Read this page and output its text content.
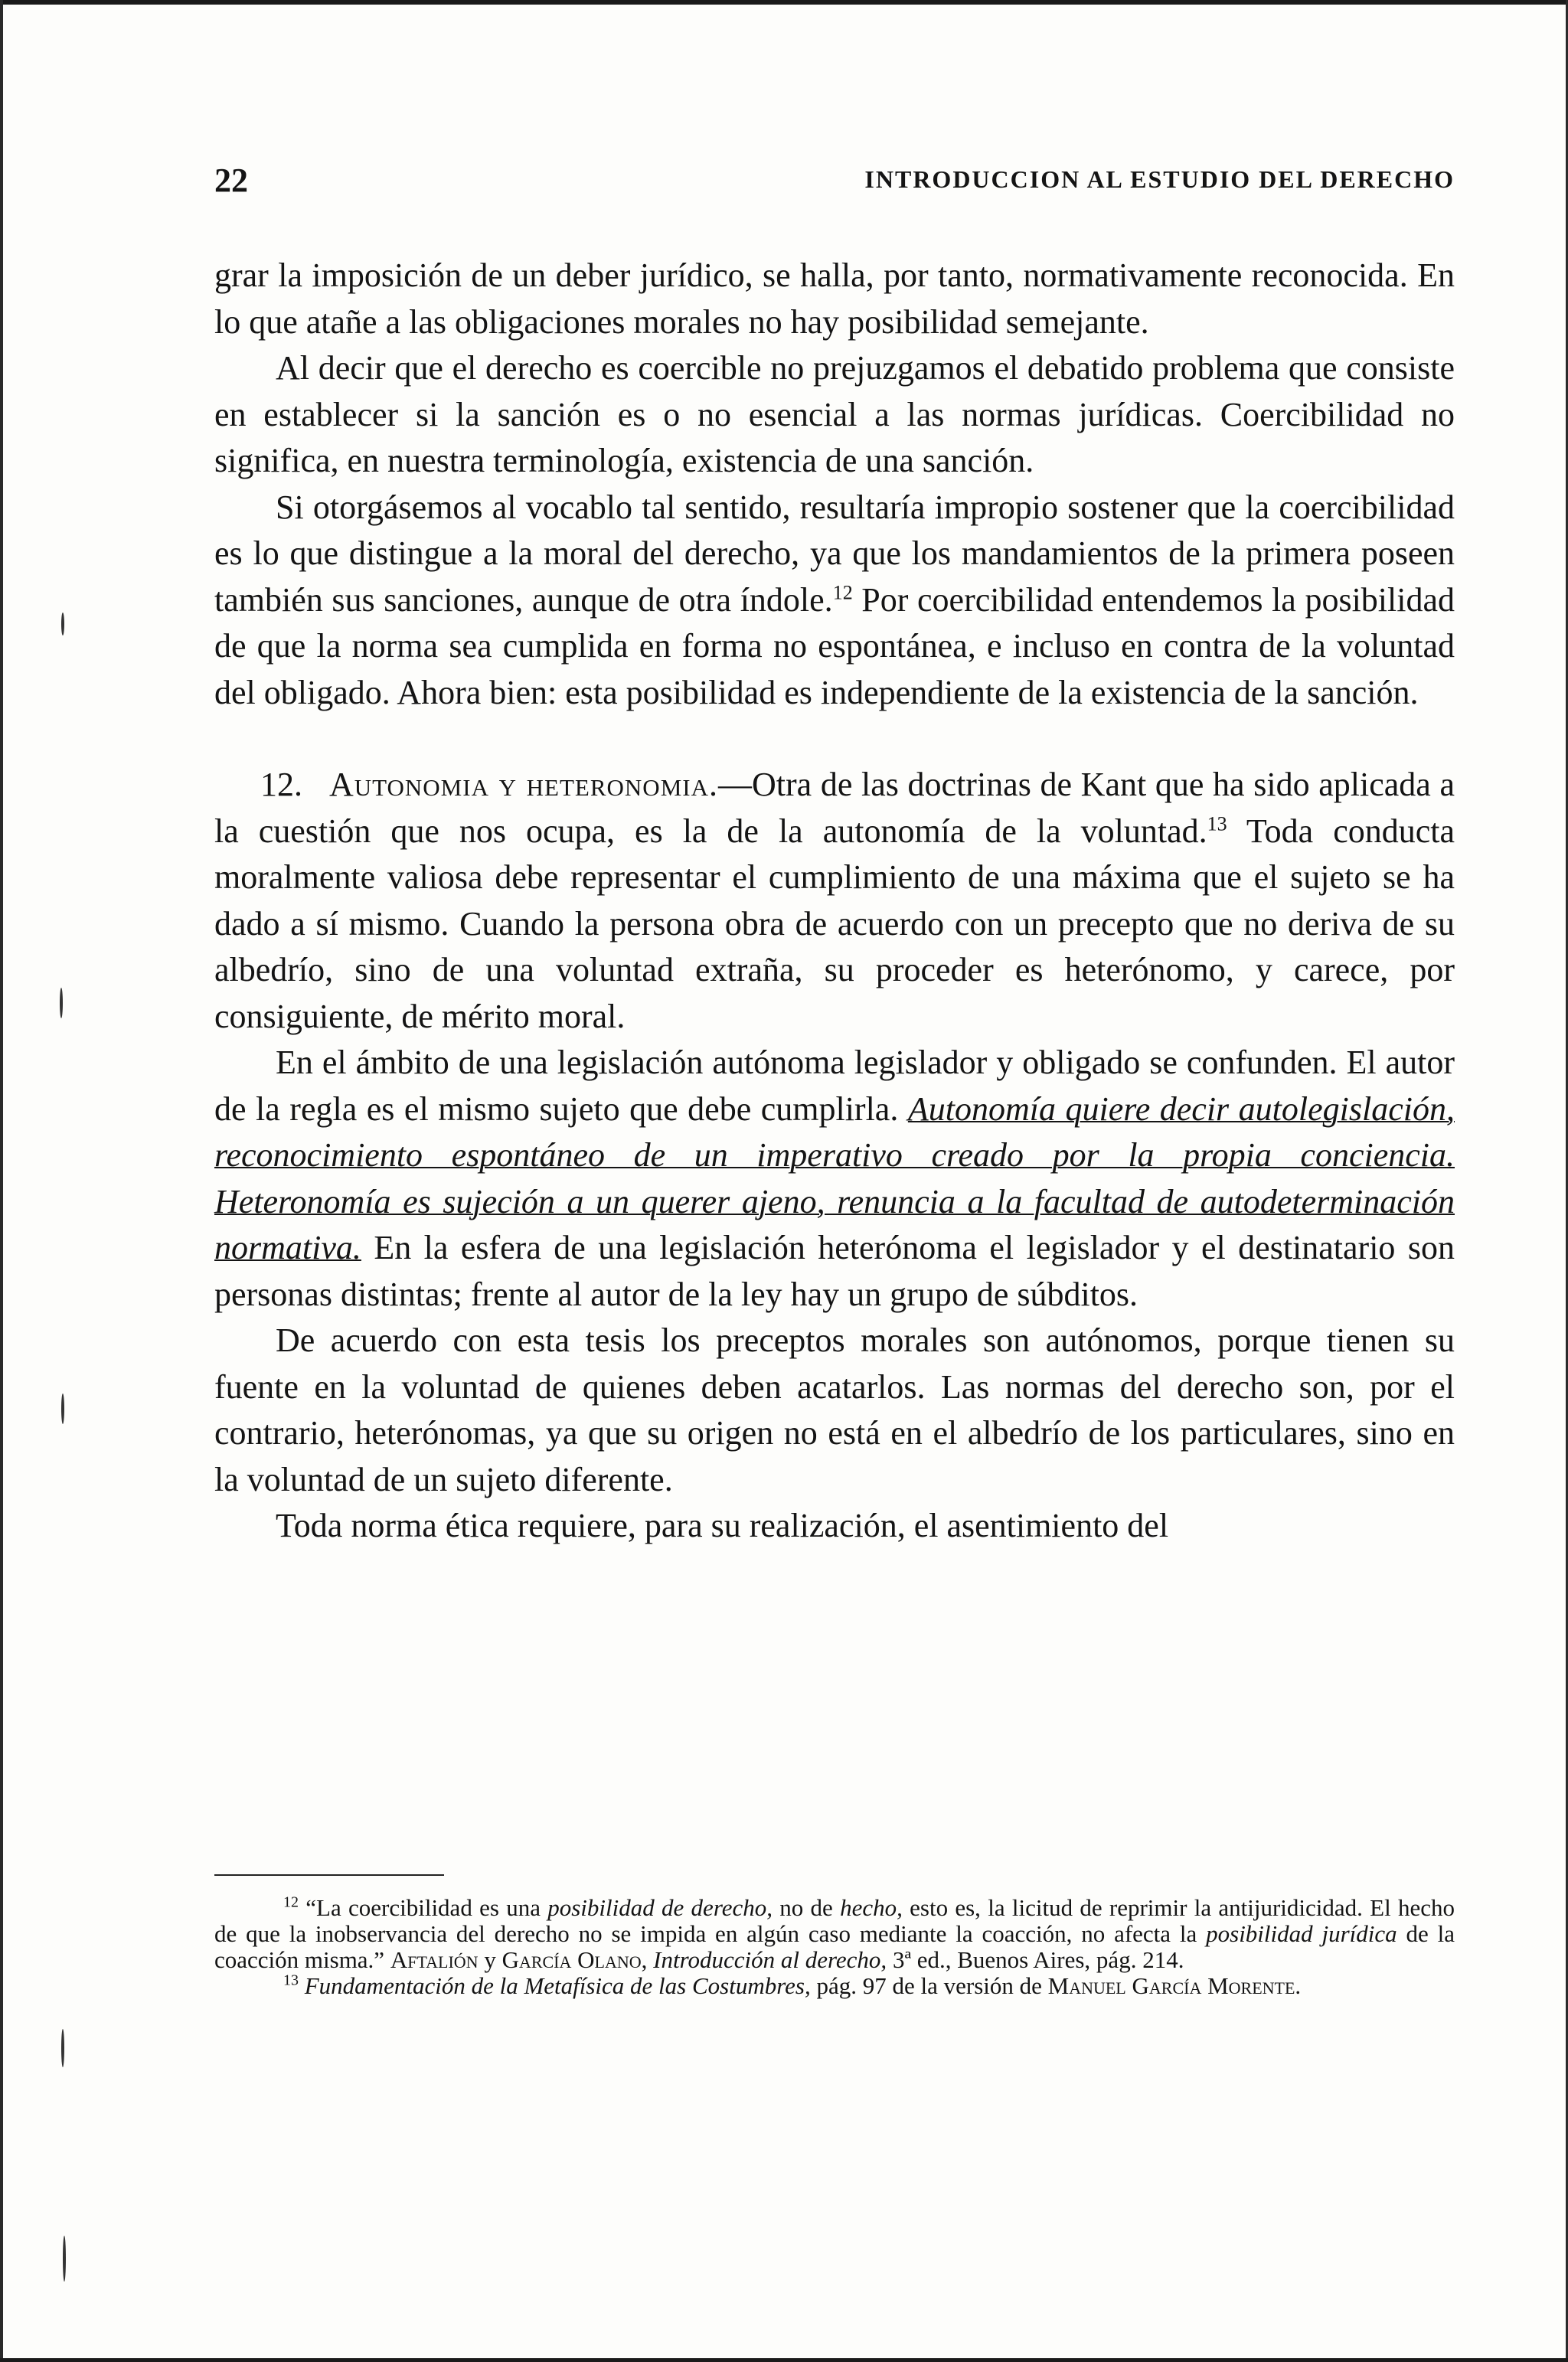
22	INTRODUCCION AL ESTUDIO DEL DERECHO

grar la imposición de un deber jurídico, se halla, por tanto, normativamente reconocida. En lo que atañe a las obligaciones morales no hay posibilidad semejante.

Al decir que el derecho es coercible no prejuzgamos el debatido problema que consiste en establecer si la sanción es o no esencial a las normas jurídicas. Coercibilidad no significa, en nuestra terminología, existencia de una sanción.

Si otorgásemos al vocablo tal sentido, resultaría impropio sostener que la coercibilidad es lo que distingue a la moral del derecho, ya que los mandamientos de la primera poseen también sus sanciones, aunque de otra índole.$^{12}$ Por coercibilidad entendemos la posibilidad de que la norma sea cumplida en forma no espontánea, e incluso en contra de la voluntad del obligado. Ahora bien: esta posibilidad es independiente de la existencia de la sanción.

12. Autonomia y heteronomia.—Otra de las doctrinas de Kant que ha sido aplicada a la cuestión que nos ocupa, es la de la autonomía de la voluntad.$^{13}$ Toda conducta moralmente valiosa debe representar el cumplimiento de una máxima que el sujeto se ha dado a sí mismo. Cuando la persona obra de acuerdo con un precepto que no deriva de su albedrío, sino de una voluntad extraña, su proceder es heterónomo, y carece, por consiguiente, de mérito moral.

En el ámbito de una legislación autónoma legislador y obligado se confunden. El autor de la regla es el mismo sujeto que debe cumplirla. Autonomía quiere decir autolegislación, reconocimiento espontáneo de un imperativo creado por la propia conciencia. Heteronomía es sujeción a un querer ajeno, renuncia a la facultad de autodeterminación normativa. En la esfera de una legislación heterónoma el legislador y el destinatario son personas distintas; frente al autor de la ley hay un grupo de súbditos.

De acuerdo con esta tesis los preceptos morales son autónomos, porque tienen su fuente en la voluntad de quienes deben acatarlos. Las normas del derecho son, por el contrario, heterónomas, ya que su origen no está en el albedrío de los particulares, sino en la voluntad de un sujeto diferente.

Toda norma ética requiere, para su realización, el asentimiento del

$^{12}$ “La coercibilidad es una posibilidad de derecho, no de hecho, esto es, la licitud de reprimir la antijuridicidad. El hecho de que la inobservancia del derecho no se impida en algún caso mediante la coacción, no afecta la posibilidad jurídica de la coacción misma.” Aftalión y García Olano, Introducción al derecho, 3ª ed., Buenos Aires, pág. 214.

$^{13}$ Fundamentación de la Metafísica de las Costumbres, pág. 97 de la versión de Manuel García Morente.
